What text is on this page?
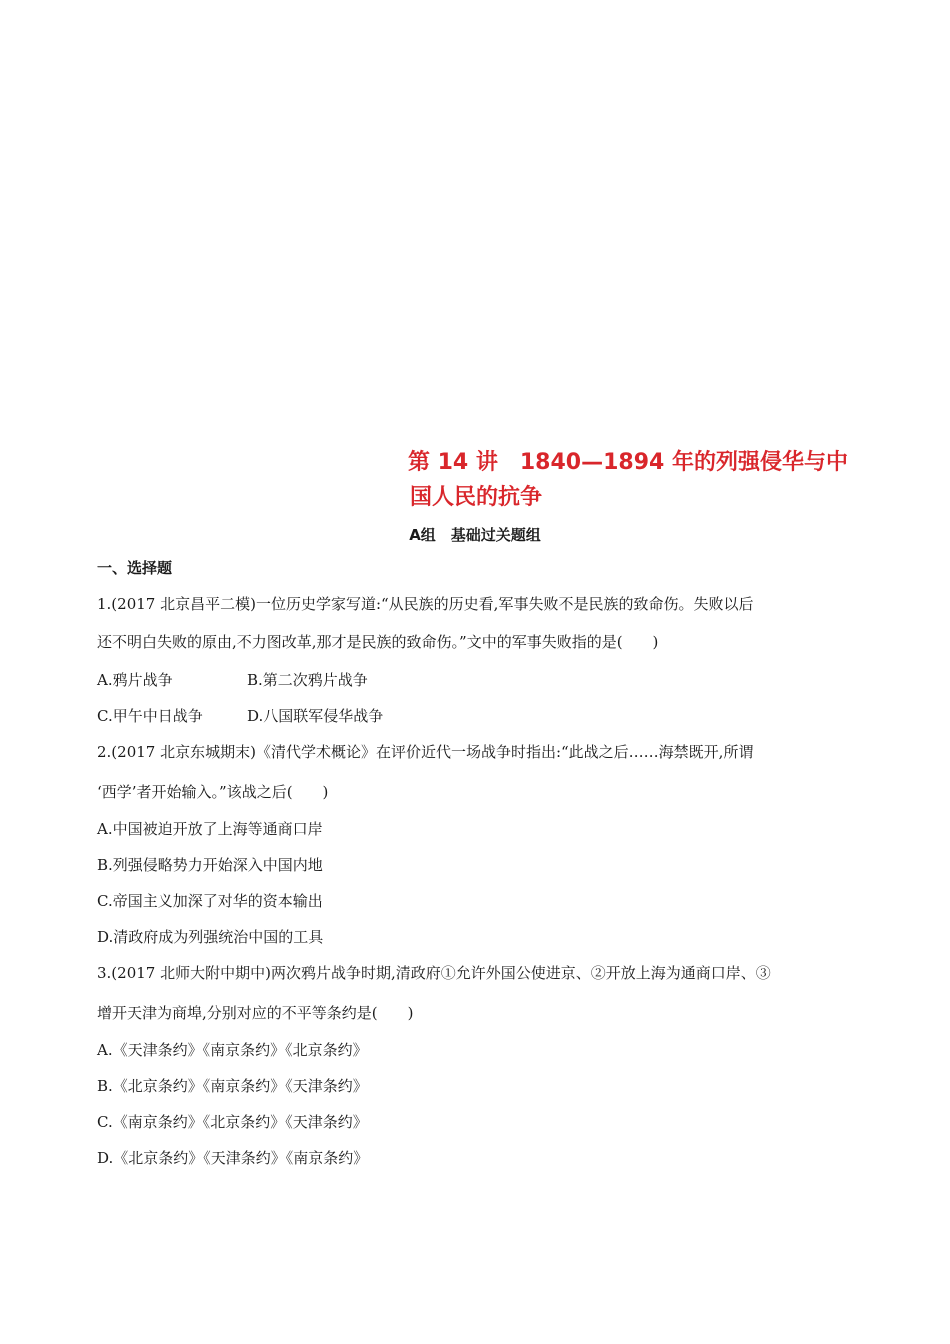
第 14 讲　1840—1894 年的列强侵华与中
国人民的抗争
A组　基础过关题组
一、选择题
1.(2017 北京昌平二模)一位历史学家写道:“从民族的历史看,军事失败不是民族的致命伤。失败以后
还不明白失败的原由,不力图改革,那才是民族的致命伤。”文中的军事失败指的是(　　)
A.鸦片战争	B.第二次鸦片战争
C.甲午中日战争	D.八国联军侵华战争
2.(2017 北京东城期末)《清代学术概论》在评价近代一场战争时指出:“此战之后……海禁既开,所谓
‘西学’者开始输入。”该战之后(　　)
A.中国被迫开放了上海等通商口岸
B.列强侵略势力开始深入中国内地
C.帝国主义加深了对华的资本输出
D.清政府成为列强统治中国的工具
3.(2017 北师大附中期中)两次鸦片战争时期,清政府①允许外国公使进京、②开放上海为通商口岸、③
增开天津为商埠,分别对应的不平等条约是(　　)
A.《天津条约》《南京条约》《北京条约》
B.《北京条约》《南京条约》《天津条约》
C.《南京条约》《北京条约》《天津条约》
D.《北京条约》《天津条约》《南京条约》
